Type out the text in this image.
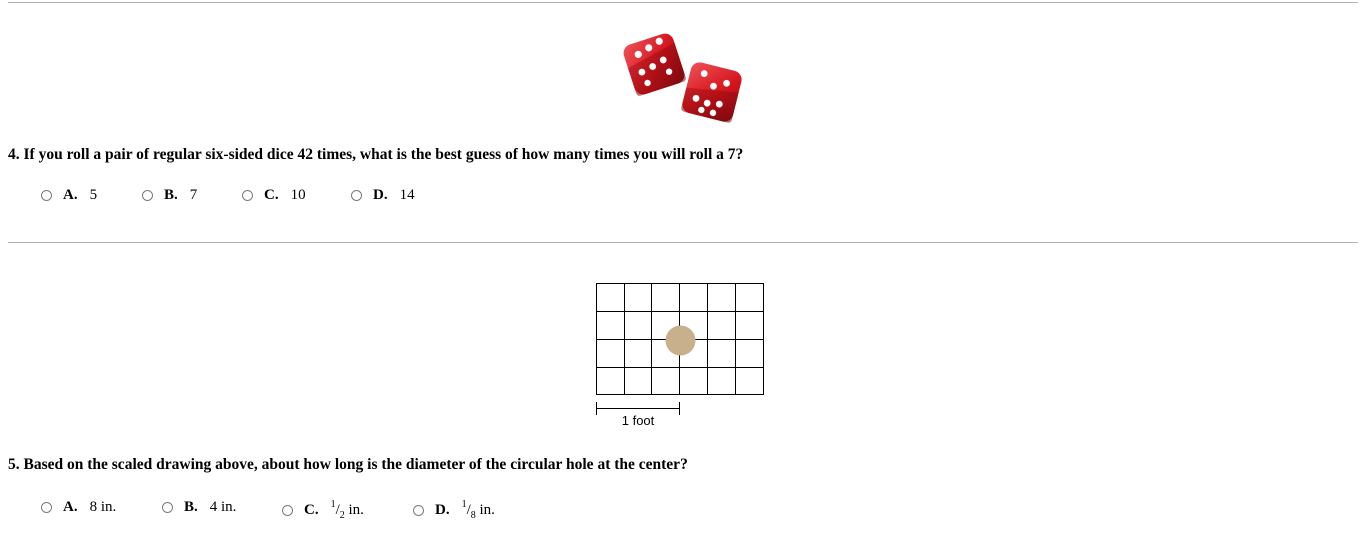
4. If you roll a pair of regular six-sided dice 42 times, what is the best guess of how many times you will roll a 7?
A. 5	B. 7	C. 10	D. 14
1 foot
5. Based on the scaled drawing above, about how long is the diameter of the circular hole at the center?
A. 8 in.	B. 4 in.	C. $^1/_2$ in.	D. $^1/_8$ in.
